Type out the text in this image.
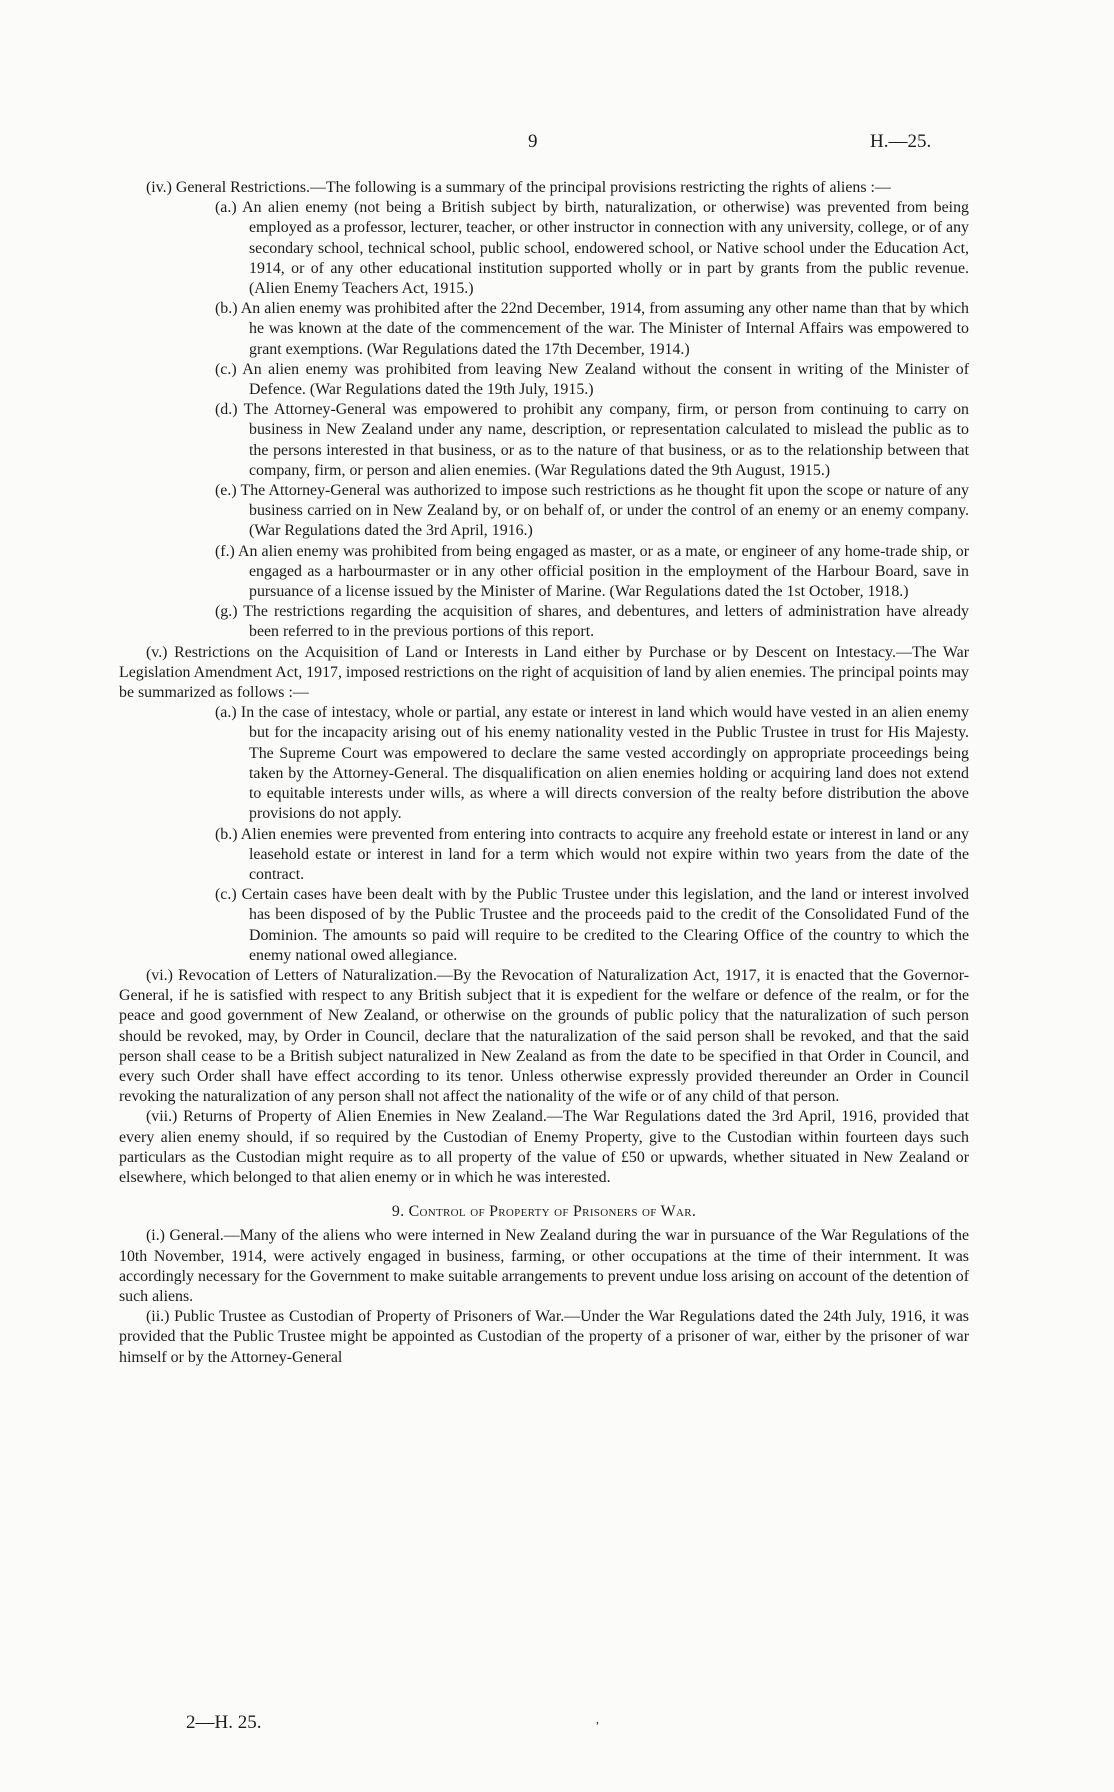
9	H.—25.

(iv.) General Restrictions.—The following is a summary of the principal provisions restricting the rights of aliens :—

(a.) An alien enemy (not being a British subject by birth, naturalization, or otherwise) was prevented from being employed as a professor, lecturer, teacher, or other instructor in connection with any university, college, or of any secondary school, technical school, public school, endowered school, or Native school under the Education Act, 1914, or of any other educational institution supported wholly or in part by grants from the public revenue. (Alien Enemy Teachers Act, 1915.)

(b.) An alien enemy was prohibited after the 22nd December, 1914, from assuming any other name than that by which he was known at the date of the commencement of the war. The Minister of Internal Affairs was empowered to grant exemptions. (War Regulations dated the 17th December, 1914.)

(c.) An alien enemy was prohibited from leaving New Zealand without the consent in writing of the Minister of Defence. (War Regulations dated the 19th July, 1915.)

(d.) The Attorney-General was empowered to prohibit any company, firm, or person from continuing to carry on business in New Zealand under any name, description, or representation calculated to mislead the public as to the persons interested in that business, or as to the nature of that business, or as to the relationship between that company, firm, or person and alien enemies. (War Regulations dated the 9th August, 1915.)

(e.) The Attorney-General was authorized to impose such restrictions as he thought fit upon the scope or nature of any business carried on in New Zealand by, or on behalf of, or under the control of an enemy or an enemy company. (War Regulations dated the 3rd April, 1916.)

(f.) An alien enemy was prohibited from being engaged as master, or as a mate, or engineer of any home-trade ship, or engaged as a harbourmaster or in any other official position in the employment of the Harbour Board, save in pursuance of a license issued by the Minister of Marine. (War Regulations dated the 1st October, 1918.)

(g.) The restrictions regarding the acquisition of shares, and debentures, and letters of administration have already been referred to in the previous portions of this report.

(v.) Restrictions on the Acquisition of Land or Interests in Land either by Purchase or by Descent on Intestacy.—The War Legislation Amendment Act, 1917, imposed restrictions on the right of acquisition of land by alien enemies. The principal points may be summarized as follows :—

(a.) In the case of intestacy, whole or partial, any estate or interest in land which would have vested in an alien enemy but for the incapacity arising out of his enemy nationality vested in the Public Trustee in trust for His Majesty. The Supreme Court was empowered to declare the same vested accordingly on appropriate proceedings being taken by the Attorney-General. The disqualification on alien enemies holding or acquiring land does not extend to equitable interests under wills, as where a will directs conversion of the realty before distribution the above provisions do not apply.

(b.) Alien enemies were prevented from entering into contracts to acquire any freehold estate or interest in land or any leasehold estate or interest in land for a term which would not expire within two years from the date of the contract.

(c.) Certain cases have been dealt with by the Public Trustee under this legislation, and the land or interest involved has been disposed of by the Public Trustee and the proceeds paid to the credit of the Consolidated Fund of the Dominion. The amounts so paid will require to be credited to the Clearing Office of the country to which the enemy national owed allegiance.

(vi.) Revocation of Letters of Naturalization.—By the Revocation of Naturalization Act, 1917, it is enacted that the Governor-General, if he is satisfied with respect to any British subject that it is expedient for the welfare or defence of the realm, or for the peace and good government of New Zealand, or otherwise on the grounds of public policy that the naturalization of such person should be revoked, may, by Order in Council, declare that the naturalization of the said person shall be revoked, and that the said person shall cease to be a British subject naturalized in New Zealand as from the date to be specified in that Order in Council, and every such Order shall have effect according to its tenor. Unless otherwise expressly provided thereunder an Order in Council revoking the naturalization of any person shall not affect the nationality of the wife or of any child of that person.

(vii.) Returns of Property of Alien Enemies in New Zealand.—The War Regulations dated the 3rd April, 1916, provided that every alien enemy should, if so required by the Custodian of Enemy Property, give to the Custodian within fourteen days such particulars as the Custodian might require as to all property of the value of £50 or upwards, whether situated in New Zealand or elsewhere, which belonged to that alien enemy or in which he was interested.

9. Control of Property of Prisoners of War.

(i.) General.—Many of the aliens who were interned in New Zealand during the war in pursuance of the War Regulations of the 10th November, 1914, were actively engaged in business, farming, or other occupations at the time of their internment. It was accordingly necessary for the Government to make suitable arrangements to prevent undue loss arising on account of the detention of such aliens.

(ii.) Public Trustee as Custodian of Property of Prisoners of War.—Under the War Regulations dated the 24th July, 1916, it was provided that the Public Trustee might be appointed as Custodian of the property of a prisoner of war, either by the prisoner of war himself or by the Attorney-General

2—H. 25.	,
